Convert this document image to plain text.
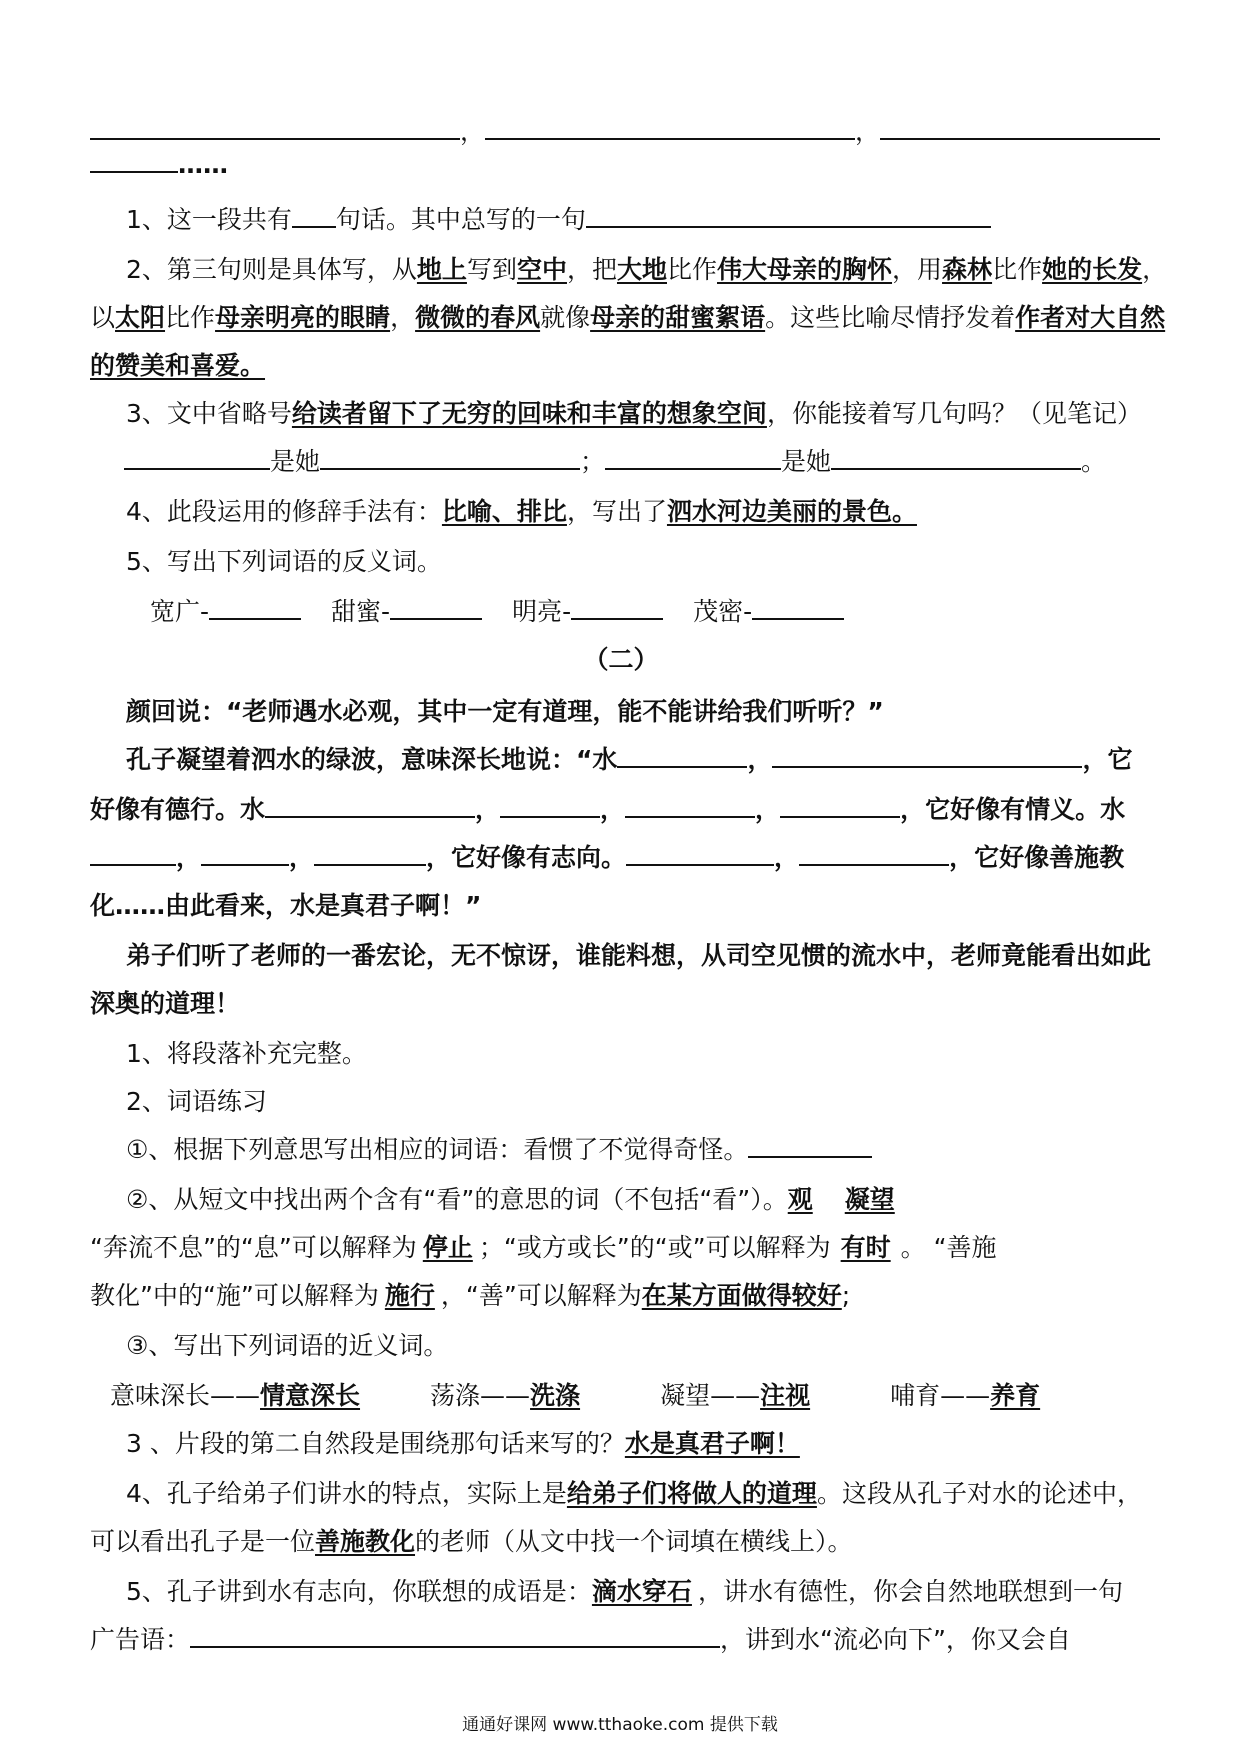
，	，
……
1、这一段共有 句话。其中总写的一句
2、第三句则是具体写，从地上写到空中，把大地比作伟大母亲的胸怀，用森林比作她的长发，
以太阳比作母亲明亮的眼睛，微微的春风就像母亲的甜蜜絮语。这些比喻尽情抒发着作者对大自然
的赞美和喜爱。
3、文中省略号给读者留下了无穷的回味和丰富的想象空间，你能接着写几句吗？（见笔记）
是她	；	是她	。
4、此段运用的修辞手法有：比喻、排比，写出了泗水河边美丽的景色。
5、写出下列词语的反义词。
宽广-	甜蜜-	明亮-	茂密-
（二）
颜回说：“老师遇水必观，其中一定有道理，能不能讲给我们听听？”
孔子凝望着泗水的绿波，意味深长地说：“水	，	，它
好像有德行。水	，	，	，	，它好像有情义。水
，	，	，它好像有志向。	，	，它好像善施教
化……由此看来，水是真君子啊！”
弟子们听了老师的一番宏论，无不惊讶，谁能料想，从司空见惯的流水中，老师竟能看出如此
深奥的道理！
1、将段落补充完整。
2、词语练习
①、根据下列意思写出相应的词语：看惯了不觉得奇怪。
②、从短文中找出两个含有“看”的意思的词（不包括“看”）。观 凝望
“奔流不息”的“息”可以解释为 停止 ；“或方或长”的“或”可以解释为 有时 。 “善施
教化”中的“施”可以解释为 施行 ，“善”可以解释为在某方面做得较好;
③、写出下列词语的近义词。
意味深长——情意深长	荡涤——洗涤	凝望——注视	哺育——养育
3 、片段的第二自然段是围绕那句话来写的？水是真君子啊！
4、孔子给弟子们讲水的特点，实际上是给弟子们将做人的道理。这段从孔子对水的论述中，
可以看出孔子是一位善施教化的老师（从文中找一个词填在横线上）。
5、孔子讲到水有志向，你联想的成语是：滴水穿石 ，讲水有德性，你会自然地联想到一句
广告语：	，讲到水“流必向下”，你又会自
通通好课网 www.tthaoke.com 提供下载
